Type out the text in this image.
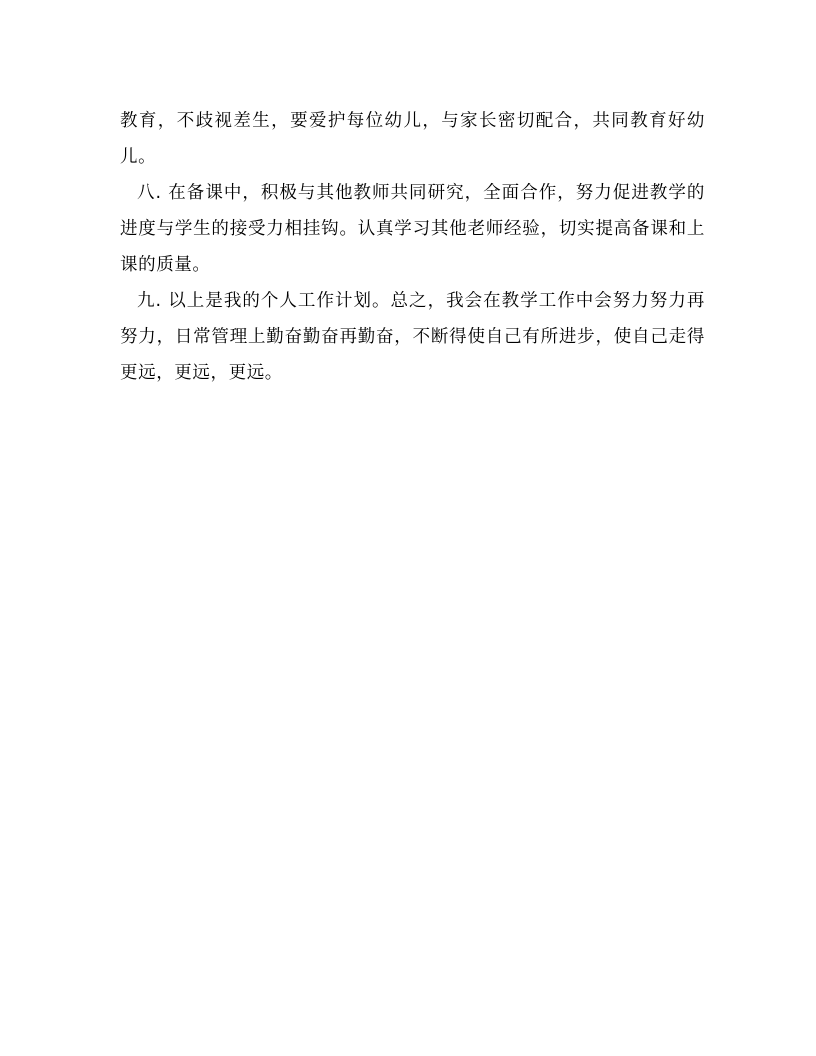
教育，不歧视差生，要爱护每位幼儿，与家长密切配合，共同教育好幼儿。

八. 在备课中，积极与其他教师共同研究，全面合作，努力促进教学的进度与学生的接受力相挂钩。认真学习其他老师经验，切实提高备课和上课的质量。

九. 以上是我的个人工作计划。总之，我会在教学工作中会努力努力再努力，日常管理上勤奋勤奋再勤奋，不断得使自己有所进步，使自己走得更远，更远，更远。
